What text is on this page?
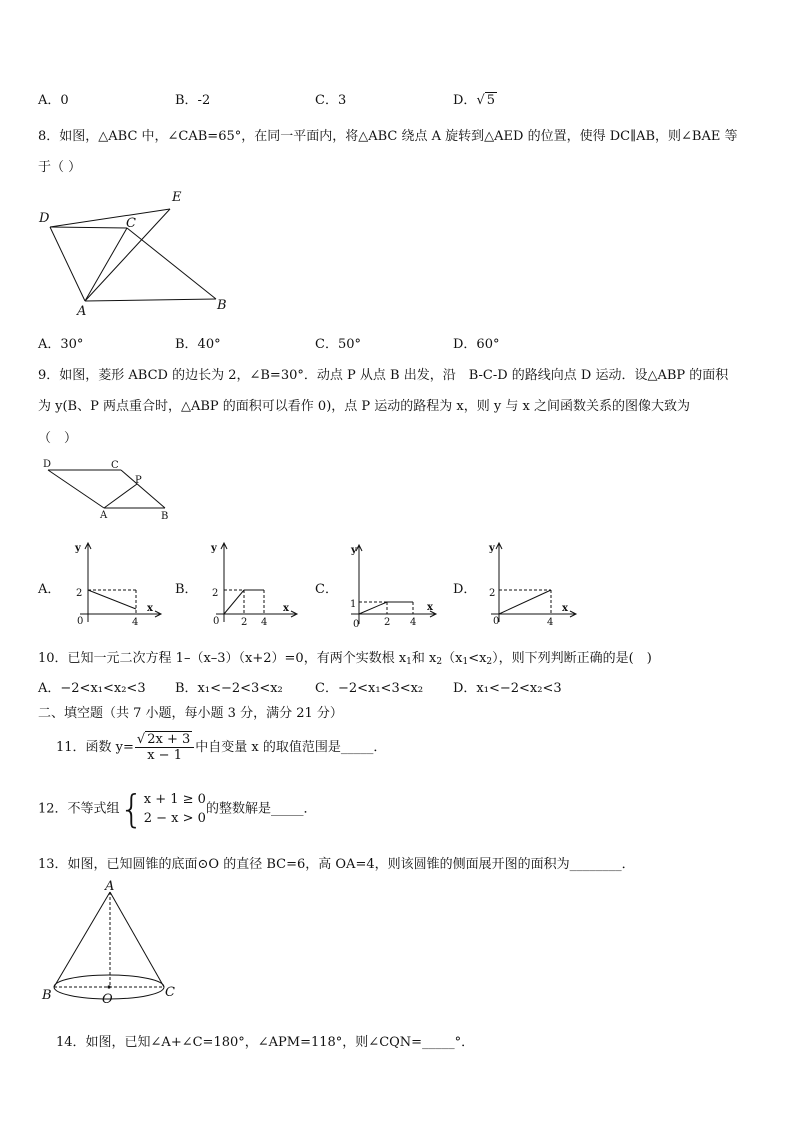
A．0	B．-2	C．3	D．√ 5
8．如图，△ABC 中，∠CAB=65°，在同一平面内，将△ABC 绕点 A 旋转到△AED 的位置，使得 DC∥AB，则∠BAE 等
于（ ）
D	C
E
A	B
A．30°	B．40°	C．50°	D．60°
9．如图，菱形 ABCD 的边长为 2，∠B=30°．动点 P 从点 B 出发，沿　B-C-D 的路线向点 D 运动．设△ABP 的面积
为 y(B、P 两点重合时，△ABP 的面积可以看作 0)，点 P 运动的路程为 x，则 y 与 x 之间函数关系的图像大致为
（　）
D	C
P
A	B
A．
y
x
2
0	4
B．
y
x
2
0 2 4
C．
y
x
1
0 2 4
D．
y
x
2
0	4
10．已知一元二次方程 1–（x–3）（x+2）=0，有两个实数根 $x_1$和 $x_2(x_1<x_2)$，则下列判断正确的是(　)
A．−2<x₁<x₂<3 B．x₁<−2<3<x₂ C．−2<x₁<3<x₂ D．x₁<−2<x₂<3
二、填空题（共 7 小题，每小题 3 分，满分 21 分）
11．函数 $y= \frac{√ 2x + 3}{x - 1}$ 中自变量 x 的取值范围是_____．
12．不等式组{ x + 1 ≥ 0
2 − x > 0
的整数解是_____．
13．如图，已知圆锥的底面⊙O 的直径 BC=6，高 OA=4，则该圆锥的侧面展开图的面积为________．
A
B	O	C
14．如图，已知∠A+∠C=180°，∠APM=118°，则∠CQN=_____°．
